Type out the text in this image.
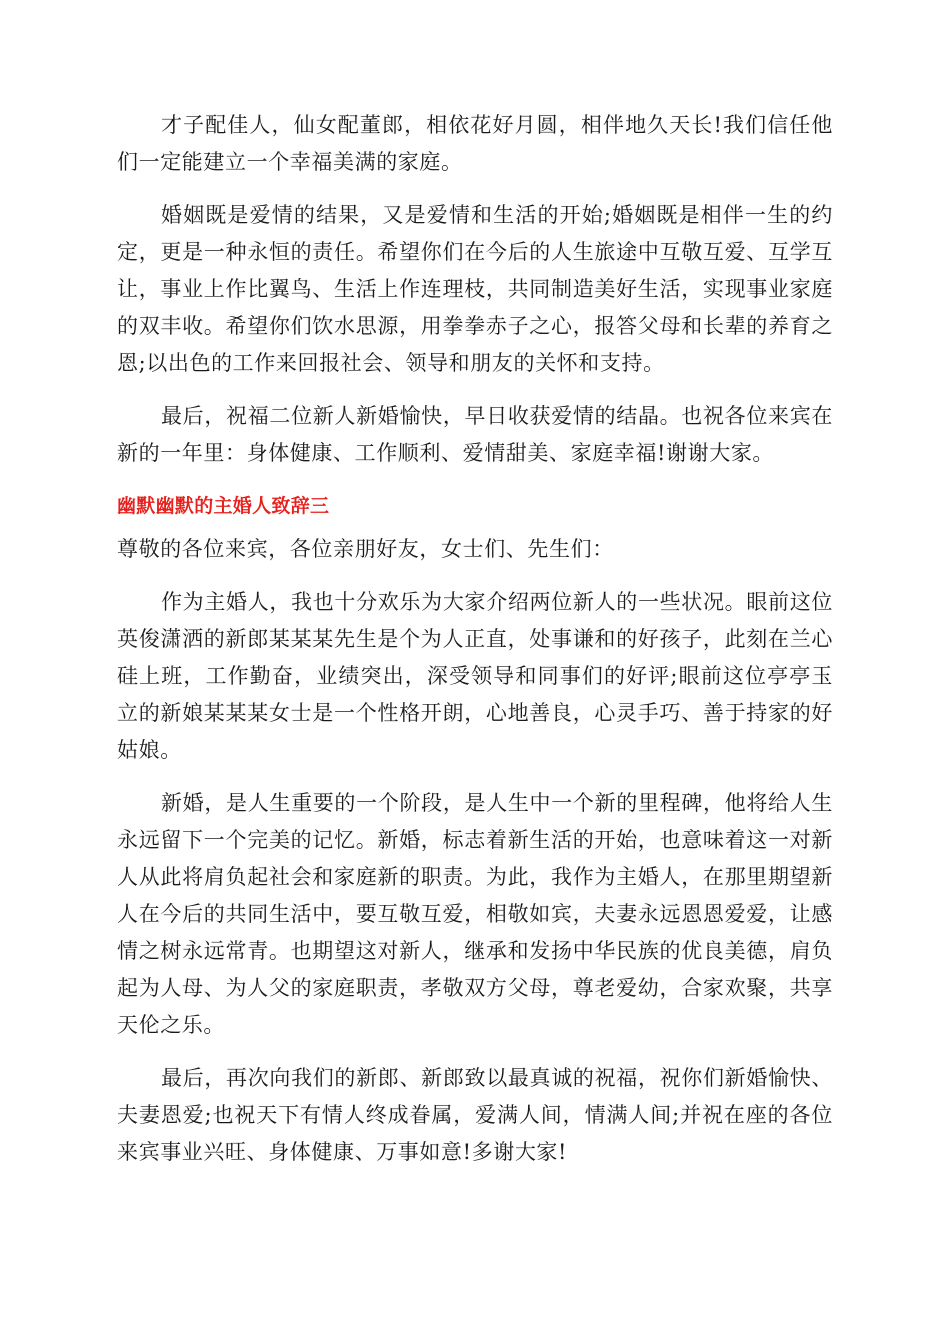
才子配佳人，仙女配董郎，相依花好月圆，相伴地久天长!我们信任他们一定能建立一个幸福美满的家庭。

婚姻既是爱情的结果，又是爱情和生活的开始;婚姻既是相伴一生的约定，更是一种永恒的责任。希望你们在今后的人生旅途中互敬互爱、互学互让，事业上作比翼鸟、生活上作连理枝，共同制造美好生活，实现事业家庭的双丰收。希望你们饮水思源，用拳拳赤子之心，报答父母和长辈的养育之恩;以出色的工作来回报社会、领导和朋友的关怀和支持。

最后，祝福二位新人新婚愉快，早日收获爱情的结晶。也祝各位来宾在新的一年里：身体健康、工作顺利、爱情甜美、家庭幸福!谢谢大家。

幽默幽默的主婚人致辞三

尊敬的各位来宾，各位亲朋好友，女士们、先生们：

作为主婚人，我也十分欢乐为大家介绍两位新人的一些状况。眼前这位英俊潇洒的新郎某某某先生是个为人正直，处事谦和的好孩子，此刻在兰心硅上班，工作勤奋，业绩突出，深受领导和同事们的好评;眼前这位亭亭玉立的新娘某某某女士是一个性格开朗，心地善良，心灵手巧、善于持家的好姑娘。

新婚，是人生重要的一个阶段，是人生中一个新的里程碑，他将给人生永远留下一个完美的记忆。新婚，标志着新生活的开始，也意味着这一对新人从此将肩负起社会和家庭新的职责。为此，我作为主婚人，在那里期望新人在今后的共同生活中，要互敬互爱，相敬如宾，夫妻永远恩恩爱爱，让感情之树永远常青。也期望这对新人，继承和发扬中华民族的优良美德，肩负起为人母、为人父的家庭职责，孝敬双方父母，尊老爱幼，合家欢聚，共享天伦之乐。

最后，再次向我们的新郎、新郎致以最真诚的祝福，祝你们新婚愉快、夫妻恩爱;也祝天下有情人终成眷属，爱满人间，情满人间;并祝在座的各位来宾事业兴旺、身体健康、万事如意!多谢大家!
